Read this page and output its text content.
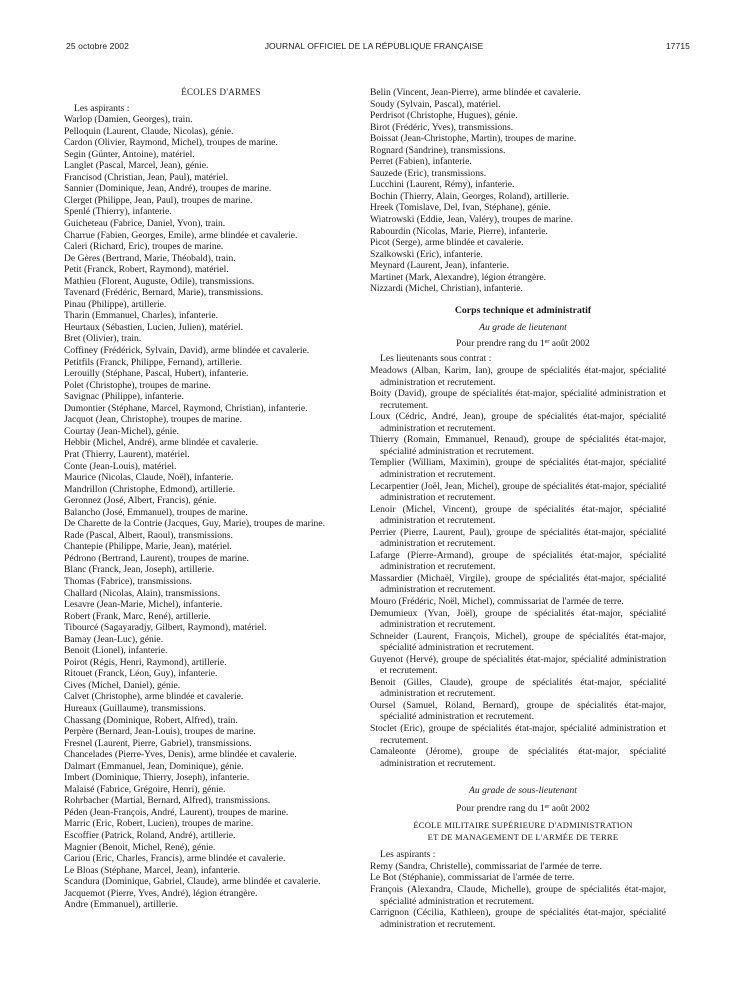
25 octobre 2002	JOURNAL OFFICIEL DE LA RÉPUBLIQUE FRANÇAISE	17715
ÉCOLES D'ARMES
Les aspirants :
Warlop (Damien, Georges), train.
Pelloquin (Laurent, Claude, Nicolas), génie.
Cardon (Olivier, Raymond, Michel), troupes de marine.
Segin (Günter, Antoine), matériel.
Langlet (Pascal, Marcel, Jean), génie.
Francisod (Christian, Jean, Paul), matériel.
Sannier (Dominique, Jean, André), troupes de marine.
Clerget (Philippe, Jean, Paul), troupes de marine.
Spenlé (Thierry), infanterie.
Guicheteau (Fabrice, Daniel, Yvon), train.
Charrue (Fabien, Georges, Emile), arme blindée et cavalerie.
Caleri (Richard, Eric), troupes de marine.
De Gères (Bertrand, Marie, Théobald), train.
Petit (Franck, Robert, Raymond), matériel.
Mathieu (Florent, Auguste, Odile), transmissions.
Tavenard (Frédéric, Bernard, Marie), transmissions.
Pinau (Philippe), artillerie.
Tharin (Emmanuel, Charles), infanterie.
Heurtaux (Sébastien, Lucien, Julien), matériel.
Bret (Olivier), train.
Coffiney (Frédérick, Sylvain, David), arme blindée et cavalerie.
Petitfils (Franck, Philippe, Fernand), artillerie.
Lerouilly (Stéphane, Pascal, Hubert), infanterie.
Polet (Christophe), troupes de marine.
Savignac (Philippe), infanterie.
Dumontier (Stéphane, Marcel, Raymond, Christian), infanterie.
Jacquot (Jean, Christophe), troupes de marine.
Courtay (Jean-Michel), génie.
Hebbir (Michel, André), arme blindée et cavalerie.
Prat (Thierry, Laurent), matériel.
Conte (Jean-Louis), matériel.
Maurice (Nicolas, Claude, Noël), infanterie.
Mandrillon (Christophe, Edmond), artillerie.
Geronnez (José, Albert, Francis), génie.
Balancho (José, Emmanuel), troupes de marine.
De Charette de la Contrie (Jacques, Guy, Marie), troupes de marine.
Rade (Pascal, Albert, Raoul), transmissions.
Chantepie (Philippe, Marie, Jean), matériel.
Pédrono (Bertrand, Laurent), troupes de marine.
Blanc (Franck, Jean, Joseph), artillerie.
Thomas (Fabrice), transmissions.
Challard (Nicolas, Alain), transmissions.
Lesavre (Jean-Marie, Michel), infanterie.
Robert (Frank, Marc, René), artillerie.
Tibourcé (Sagayaradjy, Gilbert, Raymond), matériel.
Bamay (Jean-Luc), génie.
Benoit (Lionel), infanterie.
Poirot (Régis, Henri, Raymond), artillerie.
Ritouet (Franck, Léon, Guy), infanterie.
Cives (Michel, Daniel), génie.
Calvet (Christophe), arme blindée et cavalerie.
Hureaux (Guillaume), transmissions.
Chassang (Dominique, Robert, Alfred), train.
Perpère (Bernard, Jean-Louis), troupes de marine.
Fresnel (Laurent, Pierre, Gabriel), transmissions.
Chancelades (Pierre-Yves, Denis), arme blindée et cavalerie.
Dalmart (Emmanuel, Jean, Dominique), génie.
Imbert (Dominique, Thierry, Joseph), infanterie.
Malaisé (Fabrice, Grégoire, Henri), génie.
Rohrbacher (Martial, Bernard, Alfred), transmissions.
Péden (Jean-François, André, Laurent), troupes de marine.
Marric (Eric, Robert, Lucien), troupes de marine.
Escoffier (Patrick, Roland, André), artillerie.
Magnier (Benoit, Michel, René), génie.
Cariou (Eric, Charles, Francis), arme blindée et cavalerie.
Le Bloas (Stéphane, Marcel, Jean), infanterie.
Scandura (Dominique, Gabriel, Claude), arme blindée et cavalerie.
Jacquemot (Pierre, Yves, André), légion étrangère.
Andre (Emmanuel), artillerie.
Belin (Vincent, Jean-Pierre), arme blindée et cavalerie.
Soudy (Sylvain, Pascal), matériel.
Perdrisot (Christophe, Hugues), génie.
Birot (Frédéric, Yves), transmissions.
Boissat (Jean-Christophe, Martin), troupes de marine.
Rognard (Sandrine), transmissions.
Perret (Fabien), infanterie.
Sauzede (Eric), transmissions.
Lucchini (Laurent, Rémy), infanterie.
Bochin (Thierry, Alain, Georges, Roland), artillerie.
Hreek (Tomislave, Del, Ivan, Stéphane), génie.
Wiatrowski (Eddie, Jean, Valéry), troupes de marine.
Rabourdin (Nicolas, Marie, Pierre), infanterie.
Picot (Serge), arme blindée et cavalerie.
Szalkowski (Eric), infanterie.
Meynard (Laurent, Jean), infanterie.
Martinet (Mark, Alexandre), légion étrangère.
Nizzardi (Michel, Christian), infanterie.
Corps technique et administratif
Au grade de lieutenant
Pour prendre rang du 1er août 2002
Les lieutenants sous contrat :
Meadows (Alban, Karim, Ian), groupe de spécialités état-major, spécialité administration et recrutement.
Boity (David), groupe de spécialités état-major, spécialité administration et recrutement.
Loux (Cédric, André, Jean), groupe de spécialités état-major, spécialité administration et recrutement.
Thierry (Romain, Emmanuel, Renaud), groupe de spécialités état-major, spécialité administration et recrutement.
Templier (William, Maximin), groupe de spécialités état-major, spécialité administration et recrutement.
Lecarpentier (Joël, Jean, Michel), groupe de spécialités état-major, spécialité administration et recrutement.
Lenoir (Michel, Vincent), groupe de spécialités état-major, spécialité administration et recrutement.
Perrier (Pierre, Laurent, Paul), groupe de spécialités état-major, spécialité administration et recrutement.
Lafarge (Pierre-Armand), groupe de spécialités état-major, spécialité administration et recrutement.
Massardier (Michaël, Virgile), groupe de spécialités état-major, spécialité administration et recrutement.
Mouro (Frédéric, Noël, Michel), commissariat de l'armée de terre.
Demumieux (Yvan, Joël), groupe de spécialités état-major, spécialité administration et recrutement.
Schneider (Laurent, François, Michel), groupe de spécialités état-major, spécialité administration et recrutement.
Guyenot (Hervé), groupe de spécialités état-major, spécialité administration et recrutement.
Benoit (Gilles, Claude), groupe de spécialités état-major, spécialité administration et recrutement.
Oursel (Samuel, Roland, Bernard), groupe de spécialités état-major, spécialité administration et recrutement.
Stoclet (Eric), groupe de spécialités état-major, spécialité administration et recrutement.
Camaleonte (Jérome), groupe de spécialités état-major, spécialité administration et recrutement.
Au grade de sous-lieutenant
Pour prendre rang du 1er août 2002
ÉCOLE MILITAIRE SUPÉRIEURE D'ADMINISTRATION
ET DE MANAGEMENT DE L'ARMÉE DE TERRE
Les aspirants :
Remy (Sandra, Christelle), commissariat de l'armée de terre.
Le Bot (Stéphanie), commissariat de l'armée de terre.
François (Alexandra, Claude, Michelle), groupe de spécialités état-major, spécialité administration et recrutement.
Carrignon (Cécilia, Kathleen), groupe de spécialités état-major, spécialité administration et recrutement.
